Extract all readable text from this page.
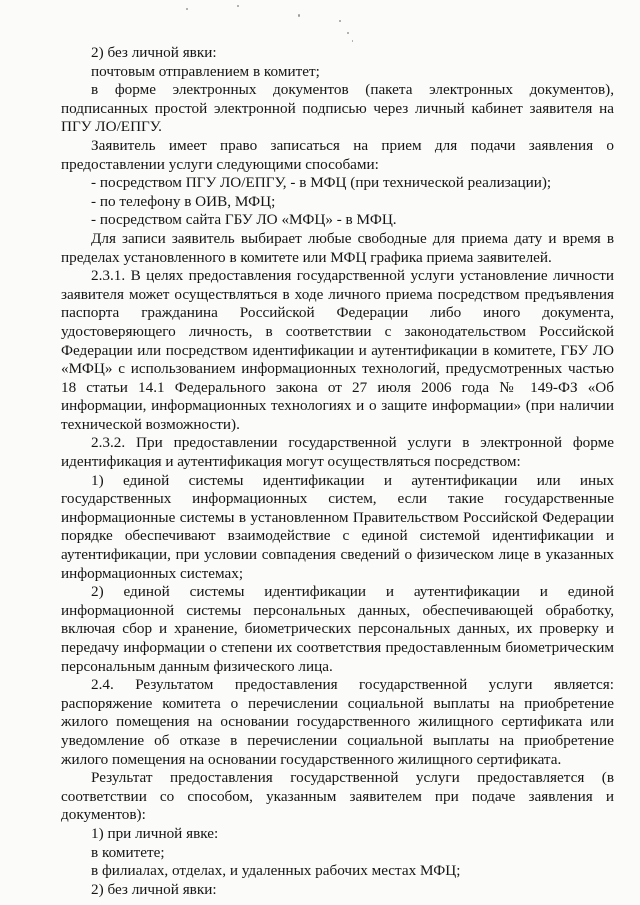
2) без личной явки:

почтовым отправлением в комитет;

в форме электронных документов (пакета электронных документов), подписанных простой электронной подписью через личный кабинет заявителя на ПГУ ЛО/ЕПГУ.

Заявитель имеет право записаться на прием для подачи заявления о предоставлении услуги следующими способами:

- посредством ПГУ ЛО/ЕПГУ, - в МФЦ (при технической реализации);

- по телефону в ОИВ, МФЦ;

- посредством сайта ГБУ ЛО «МФЦ» - в МФЦ.

Для записи заявитель выбирает любые свободные для приема дату и время в пределах установленного в комитете или МФЦ графика приема заявителей.

2.3.1. В целях предоставления государственной услуги установление личности заявителя может осуществляться в ходе личного приема посредством предъявления паспорта гражданина Российской Федерации либо иного документа, удостоверяющего личность, в соответствии с законодательством Российской Федерации или посредством идентификации и аутентификации в комитете, ГБУ ЛО «МФЦ» с использованием информационных технологий, предусмотренных частью 18 статьи 14.1 Федерального закона от 27 июля 2006 года № 149-ФЗ «Об информации, информационных технологиях и о защите информации» (при наличии технической возможности).

2.3.2. При предоставлении государственной услуги в электронной форме идентификация и аутентификация могут осуществляться посредством:

1) единой системы идентификации и аутентификации или иных государственных информационных систем, если такие государственные информационные системы в установленном Правительством Российской Федерации порядке обеспечивают взаимодействие с единой системой идентификации и аутентификации, при условии совпадения сведений о физическом лице в указанных информационных системах;

2) единой системы идентификации и аутентификации и единой информационной системы персональных данных, обеспечивающей обработку, включая сбор и хранение, биометрических персональных данных, их проверку и передачу информации о степени их соответствия предоставленным биометрическим персональным данным физического лица.

2.4. Результатом предоставления государственной услуги является: распоряжение комитета о перечислении социальной выплаты на приобретение жилого помещения на основании государственного жилищного сертификата или уведомление об отказе в перечислении социальной выплаты на приобретение жилого помещения на основании государственного жилищного сертификата.

Результат предоставления государственной услуги предоставляется (в соответствии со способом, указанным заявителем при подаче заявления и документов):

1) при личной явке:

в комитете;

в филиалах, отделах, и удаленных рабочих местах МФЦ;

2) без личной явки:
